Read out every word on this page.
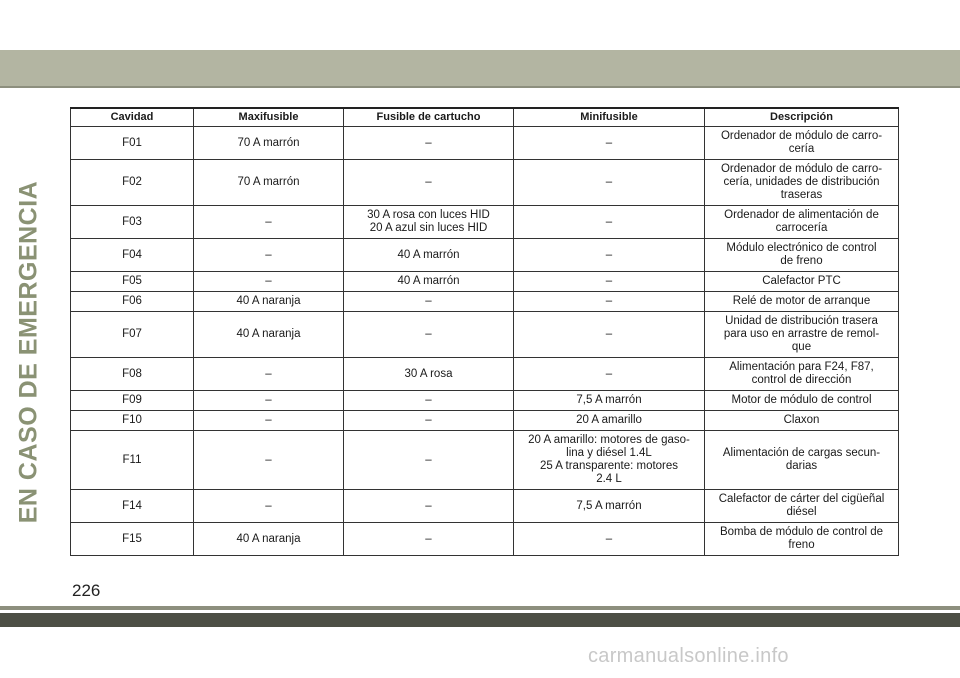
EN CASO DE EMERGENCIA
Cavidad	Maxifusible	Fusible de cartucho	Minifusible	Descripción
F01	70 A marrón	–	–	Ordenador de módulo de carro-
cería

F02	70 A marrón	–	–	Ordenador de módulo de carro-
cería, unidades de distribución
traseras

F03	–	30 A rosa con luces HID
20 A azul sin luces HID	–	Ordenador de alimentación de
carrocería

F04	–	40 A marrón	–	Módulo electrónico de control
de freno

F05	–	40 A marrón	–	Calefactor PTC

F06	40 A naranja	–	–	Relé de motor de arranque

F07	40 A naranja	–	–	Unidad de distribución trasera
para uso en arrastre de remol-
que

F08	–	30 A rosa	–	Alimentación para F24, F87,
control de dirección

F09	–	–	7,5 A marrón	Motor de módulo de control

F10	–	–	20 A amarillo	Claxon

F11	–	–	20 A amarillo: motores de gaso-
lina y diésel 1.4L
25 A transparente: motores
2.4 L	Alimentación de cargas secun-
darias

F14	–	–	7,5 A marrón	Calefactor de cárter del cigüeñal
diésel

F15	40 A naranja	–	–	Bomba de módulo de control de
freno
226
carmanualsonline.info
